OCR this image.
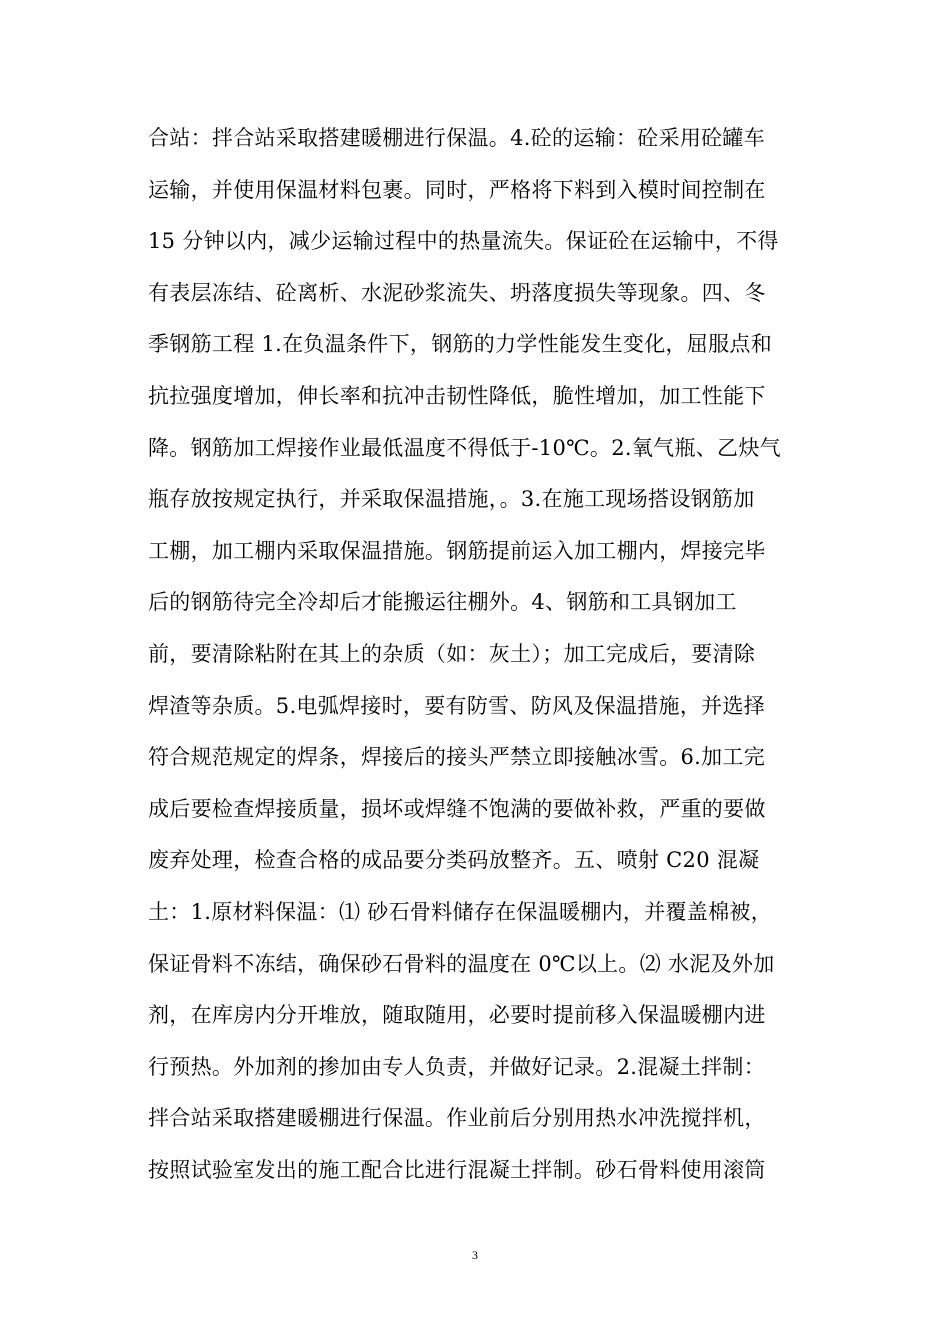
合站：拌合站采取搭建暖棚进行保温。4.砼的运输：砼采用砼罐车
运输，并使用保温材料包裹。同时，严格将下料到入模时间控制在
15 分钟以内，减少运输过程中的热量流失。保证砼在运输中，不得
有表层冻结、砼离析、水泥砂浆流失、坍落度损失等现象。四、冬
季钢筋工程 1.在负温条件下，钢筋的力学性能发生变化，屈服点和
抗拉强度增加，伸长率和抗冲击韧性降低，脆性增加，加工性能下
降。钢筋加工焊接作业最低温度不得低于-10℃。2.氧气瓶、乙炔气
瓶存放按规定执行，并采取保温措施，。3.在施工现场搭设钢筋加
工棚，加工棚内采取保温措施。钢筋提前运入加工棚内，焊接完毕
后的钢筋待完全冷却后才能搬运往棚外。4、钢筋和工具钢加工
前，要清除粘附在其上的杂质（如：灰土）；加工完成后，要清除
焊渣等杂质。5.电弧焊接时，要有防雪、防风及保温措施，并选择
符合规范规定的焊条，焊接后的接头严禁立即接触冰雪。6.加工完
成后要检查焊接质量，损坏或焊缝不饱满的要做补救，严重的要做
废弃处理，检查合格的成品要分类码放整齐。五、喷射 C20 混凝
土：1.原材料保温：⑴ 砂石骨料储存在保温暖棚内，并覆盖棉被，
保证骨料不冻结，确保砂石骨料的温度在 0℃以上。⑵ 水泥及外加
剂，在库房内分开堆放，随取随用，必要时提前移入保温暖棚内进
行预热。外加剂的掺加由专人负责，并做好记录。2.混凝土拌制：
拌合站采取搭建暖棚进行保温。作业前后分别用热水冲洗搅拌机，
按照试验室发出的施工配合比进行混凝土拌制。砂石骨料使用滚筒
3
